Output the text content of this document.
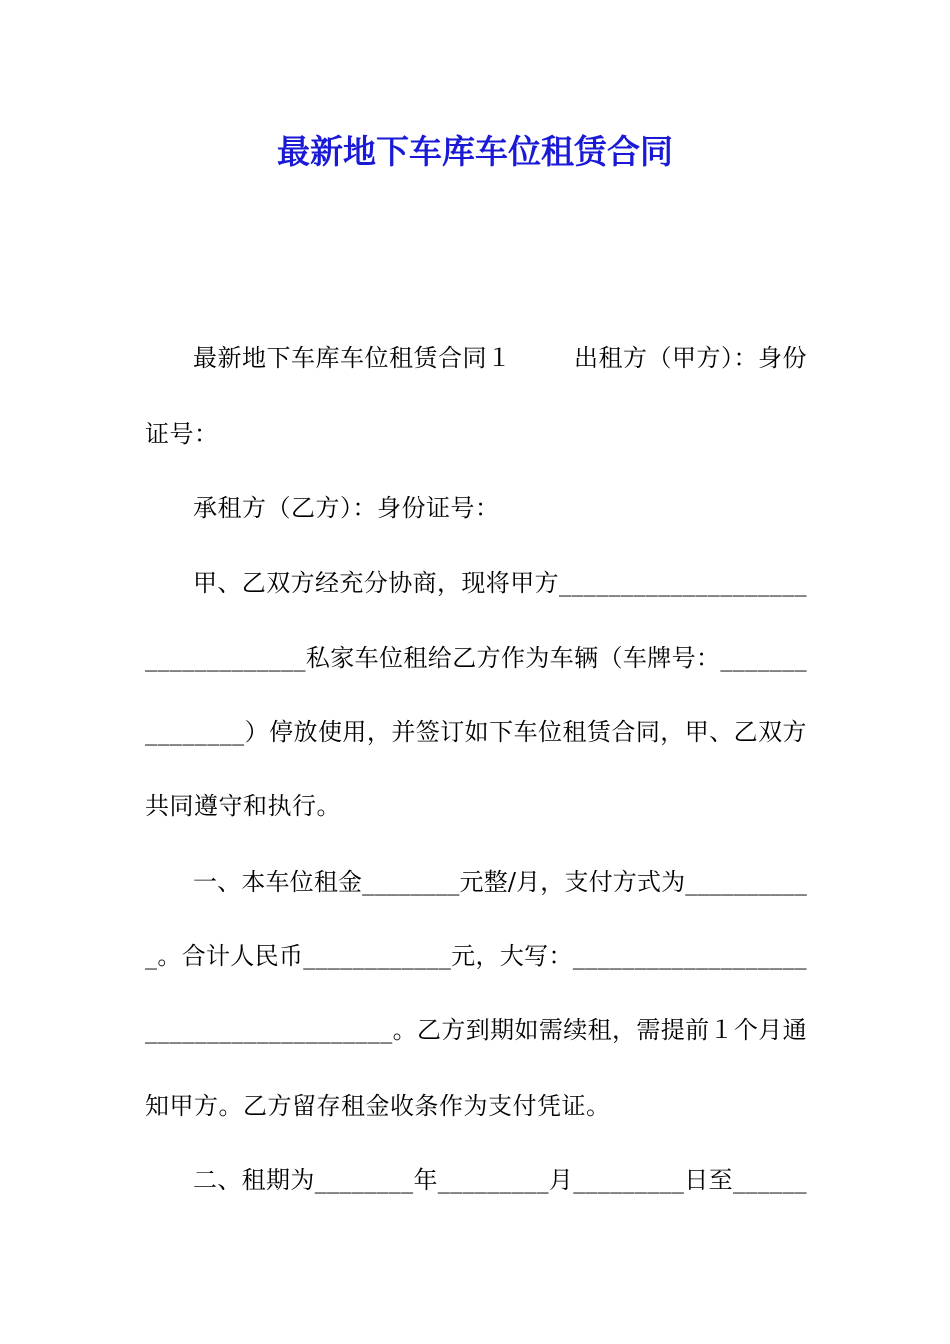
最新地下车库车位租赁合同
最新地下车库车位租赁合同１	出租方（甲方）：身份
证号：
承租方（乙方）：身份证号：
甲、乙双方经充分协商，现将甲方____________________
_____________私家车位租给乙方作为车辆（车牌号：_______
________）停放使用，并签订如下车位租赁合同，甲、乙双方
共同遵守和执行。
一、本车位租金________元整/月，支付方式为__________
_。合计人民币____________元，大写：___________________
____________________。乙方到期如需续租，需提前１个月通
知甲方。乙方留存租金收条作为支付凭证。
二、租期为________年_________月_________日至______
